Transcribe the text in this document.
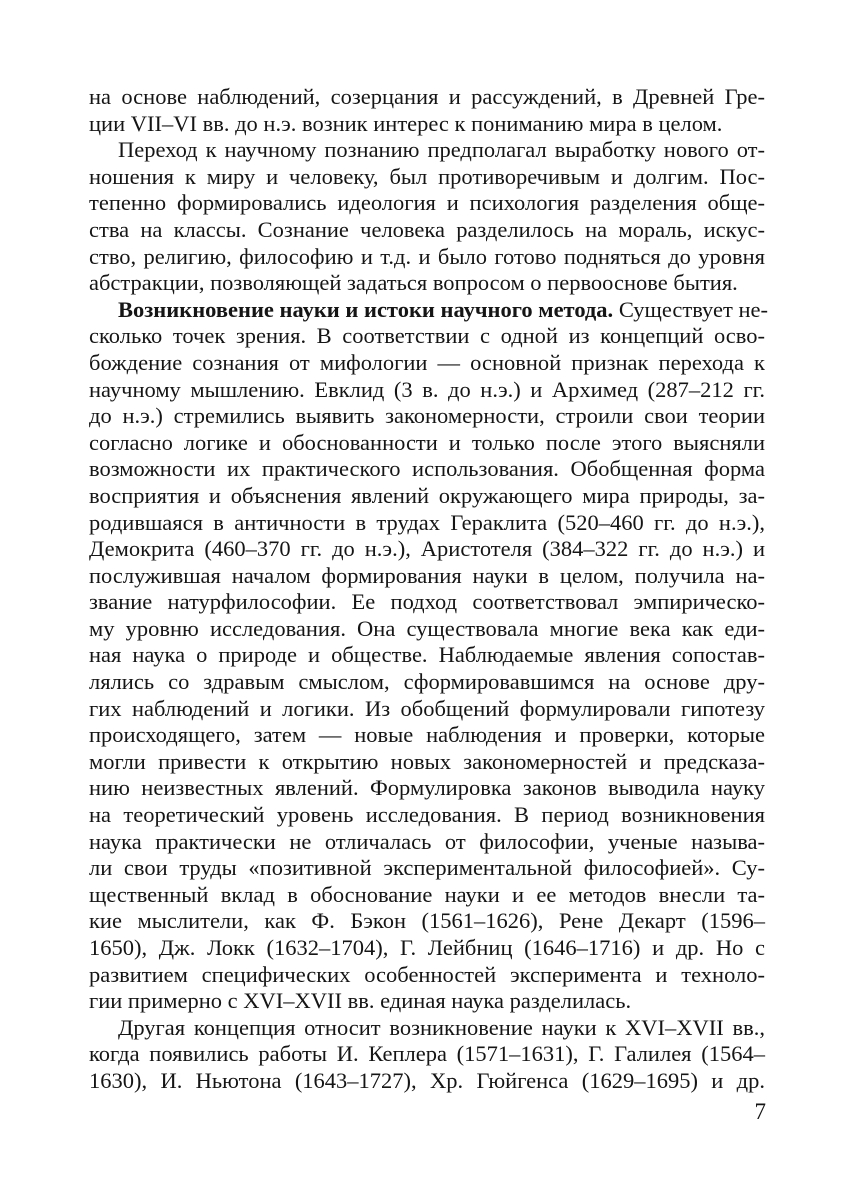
на основе наблюдений, созерцания и рассуждений, в Древней Гре-
ции VII–VI вв. до н.э. возник интерес к пониманию мира в целом.
Переход к научному познанию предполагал выработку нового от-
ношения к миру и человеку, был противоречивым и долгим. Пос-
тепенно формировались идеология и психология разделения обще-
ства на классы. Сознание человека разделилось на мораль, искус-
ство, религию, философию и т.д. и было готово подняться до уровня
абстракции, позволяющей задаться вопросом о первооснове бытия.
Возникновение науки и истоки научного метода. Существует не-
сколько точек зрения. В соответствии с одной из концепций осво-
бождение сознания от мифологии — основной признак перехода к
научному мышлению. Евклид (3 в. до н.э.) и Архимед (287–212 гг.
до н.э.) стремились выявить закономерности, строили свои теории
согласно логике и обоснованности и только после этого выясняли
возможности их практического использования. Обобщенная форма
восприятия и объяснения явлений окружающего мира природы, за-
родившаяся в античности в трудах Гераклита (520–460 гг. до н.э.),
Демокрита (460–370 гг. до н.э.), Аристотеля (384–322 гг. до н.э.) и
послужившая началом формирования науки в целом, получила на-
звание натурфилософии. Ее подход соответствовал эмпирическо-
му уровню исследования. Она существовала многие века как еди-
ная наука о природе и обществе. Наблюдаемые явления сопостав-
лялись со здравым смыслом, сформировавшимся на основе дру-
гих наблюдений и логики. Из обобщений формулировали гипотезу
происходящего, затем — новые наблюдения и проверки, которые
могли привести к открытию новых закономерностей и предсказа-
нию неизвестных явлений. Формулировка законов выводила науку
на теоретический уровень исследования. В период возникновения
наука практически не отличалась от философии, ученые называ-
ли свои труды «позитивной экспериментальной философией». Су-
щественный вклад в обоснование науки и ее методов внесли та-
кие мыслители, как Ф. Бэкон (1561–1626), Рене Декарт (1596–
1650), Дж. Локк (1632–1704), Г. Лейбниц (1646–1716) и др. Но с
развитием специфических особенностей эксперимента и техноло-
гии примерно с XVI–XVII вв. единая наука разделилась.
Другая концепция относит возникновение науки к XVI–XVII вв.,
когда появились работы И. Кеплера (1571–1631), Г. Галилея (1564–
1630), И. Ньютона (1643–1727), Хр. Гюйгенса (1629–1695) и др.
7
